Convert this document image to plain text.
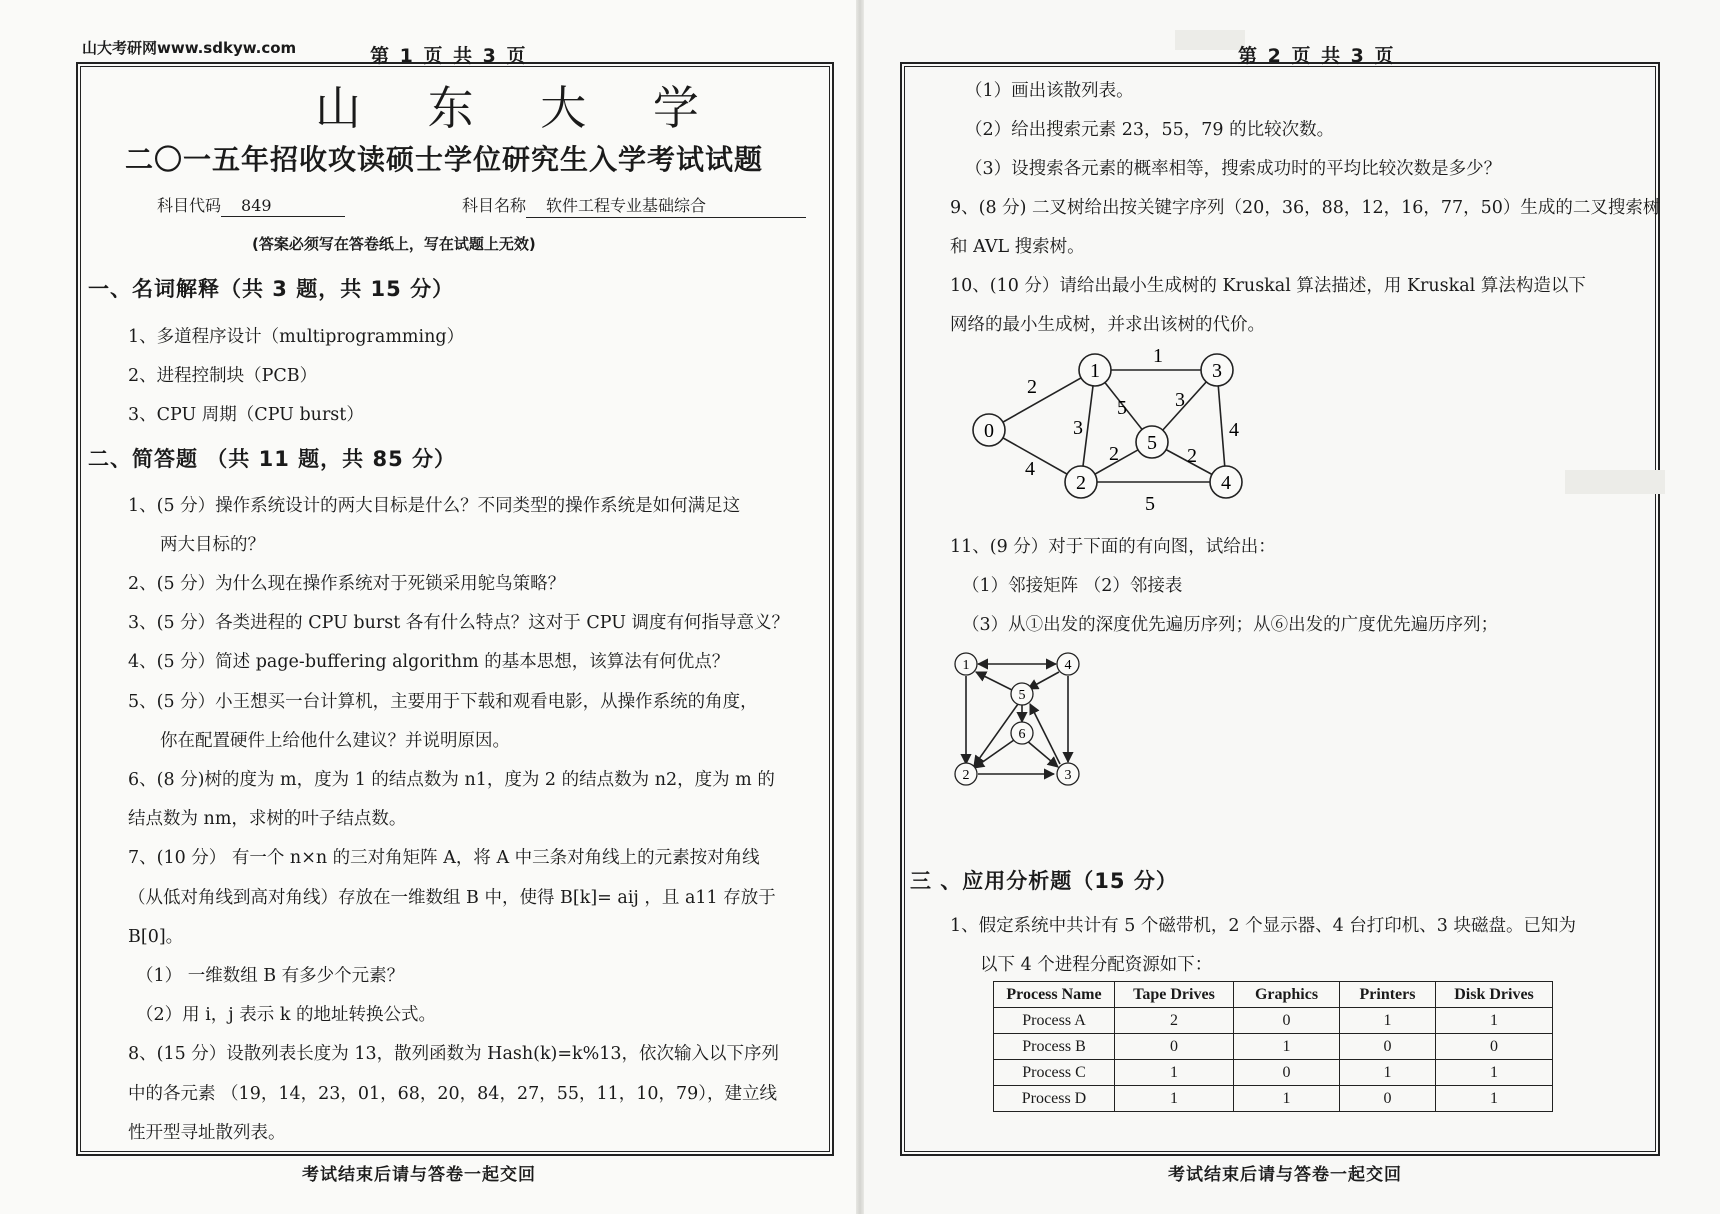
山大考研网www.sdkyw.com	第 1 页 共 3 页
山 东 大 学
二〇一五年招收攻读硕士学位研究生入学考试试题
科目代码 849	科目名称 软件工程专业基础综合
(答案必须写在答卷纸上，写在试题上无效)
一、名词解释（共 3 题，共 15 分）
1、多道程序设计（multiprogramming）
2、进程控制块（PCB）
3、CPU 周期（CPU burst）
二、简答题 （共 11 题，共 85 分）
1、(5 分）操作系统设计的两大目标是什么？不同类型的操作系统是如何满足这
两大目标的？
2、(5 分）为什么现在操作系统对于死锁采用鸵鸟策略？
3、(5 分）各类进程的 CPU burst 各有什么特点？这对于 CPU 调度有何指导意义？
4、(5 分）简述 page-buffering algorithm 的基本思想，该算法有何优点？
5、(5 分）小王想买一台计算机，主要用于下载和观看电影，从操作系统的角度，
你在配置硬件上给他什么建议？并说明原因。
6、(8 分)树的度为 m，度为 1 的结点数为 n1，度为 2 的结点数为 n2，度为 m 的
结点数为 nm，求树的叶子结点数。
7、(10 分） 有一个 n×n 的三对角矩阵 A，将 A 中三条对角线上的元素按对角线
（从低对角线到高对角线）存放在一维数组 B 中，使得 B[k]= aij ，且 a11 存放于
B[0]。
（1） 一维数组 B 有多少个元素？
（2）用 i，j 表示 k 的地址转换公式。
8、(15 分）设散列表长度为 13，散列函数为 Hash(k)=k%13，依次输入以下序列
中的各元素 （19，14，23，01，68，20，84，27，55，11，10，79），建立线
性开型寻址散列表。
考试结束后请与答卷一起交回
第 2 页 共 3 页
（1）画出该散列表。
（2）给出搜索元素 23，55，79 的比较次数。
（3）设搜索各元素的概率相等，搜索成功时的平均比较次数是多少？
9、(8 分) 二叉树给出按关键字序列（20，36，88，12，16，77，50）生成的二叉搜索树
和 AVL 搜索树。
10、(10 分）请给出最小生成树的 Kruskal 算法描述，用 Kruskal 算法构造以下
网络的最小生成树，并求出该树的代价。
2
1
3
5 3
4
2	2
4
5
0
1
2
3
4
5
11、(9 分）对于下面的有向图，试给出：
（1）邻接矩阵 （2）邻接表
（3）从①出发的深度优先遍历序列；从⑥出发的广度优先遍历序列；
1
2	3
4
5
6
三 、应用分析题（15 分）
1、假定系统中共计有 5 个磁带机，2 个显示器、4 台打印机、3 块磁盘。已知为
以下 4 个进程分配资源如下：
Process Name	Tape Drives	Graphics	Printers	Disk Drives
Process A	2	0	1	1
Process B	0	1	0	0
Process C	1	0	1	1
Process D	1	1	0	1
考试结束后请与答卷一起交回
